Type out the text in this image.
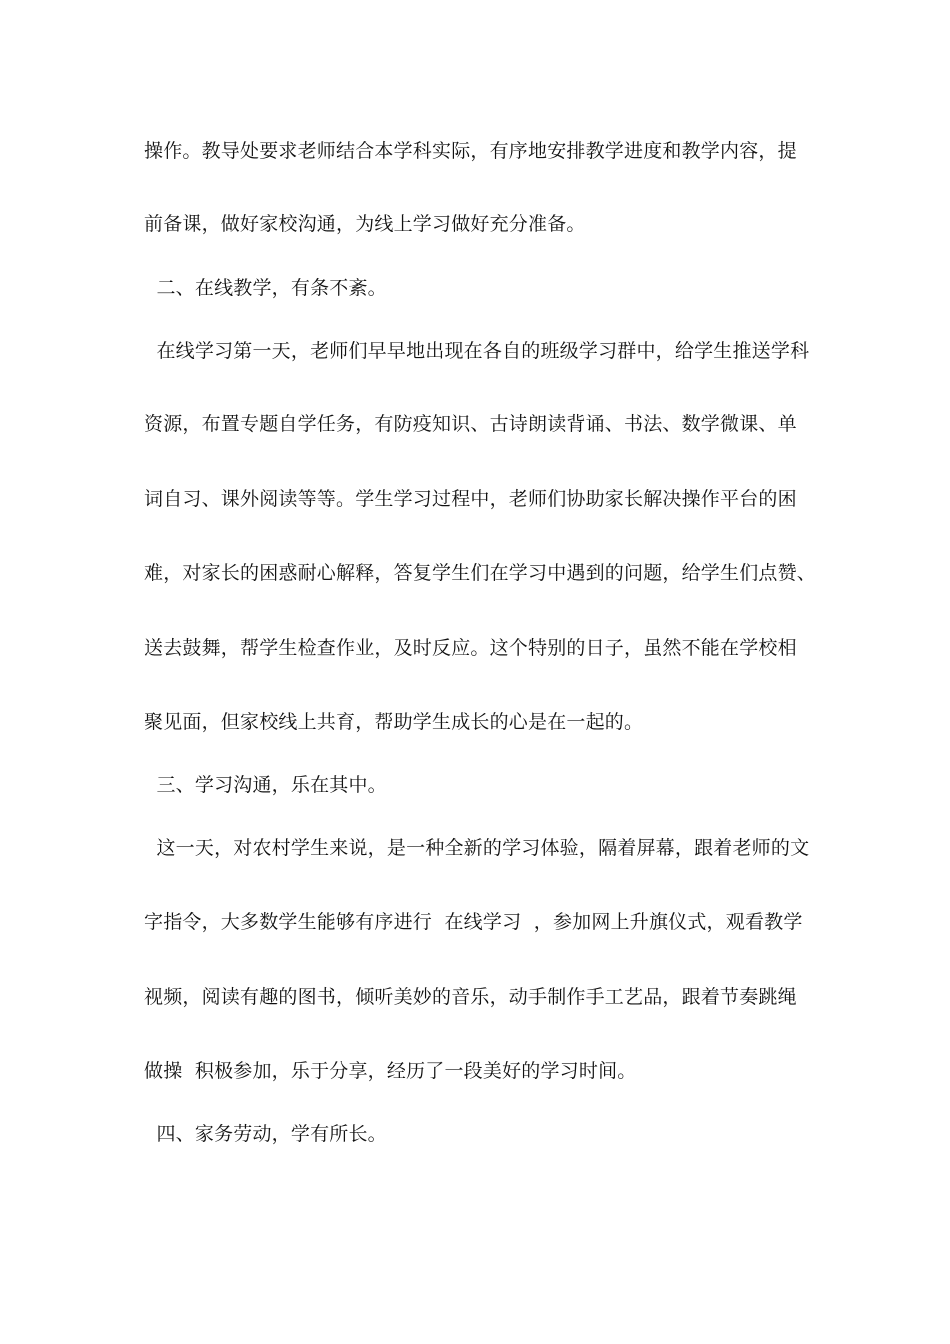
操作。教导处要求老师结合本学科实际，有序地安排教学进度和教学内容，提
前备课，做好家校沟通，为线上学习做好充分准备。
二、在线教学，有条不紊。
在线学习第一天，老师们早早地出现在各自的班级学习群中，给学生推送学科
资源，布置专题自学任务，有防疫知识、古诗朗读背诵、书法、数学微课、单
词自习、课外阅读等等。学生学习过程中，老师们协助家长解决操作平台的困
难，对家长的困惑耐心解释，答复学生们在学习中遇到的问题，给学生们点赞、
送去鼓舞，帮学生检查作业，及时反应。这个特别的日子，虽然不能在学校相
聚见面，但家校线上共育，帮助学生成长的心是在一起的。
三、学习沟通，乐在其中。
这一天，对农村学生来说，是一种全新的学习体验，隔着屏幕，跟着老师的文
字指令，大多数学生能够有序进行  在线学习  ，参加网上升旗仪式，观看教学
视频，阅读有趣的图书，倾听美妙的音乐，动手制作手工艺品，跟着节奏跳绳
做操  积极参加，乐于分享，经历了一段美好的学习时间。
四、家务劳动，学有所长。
